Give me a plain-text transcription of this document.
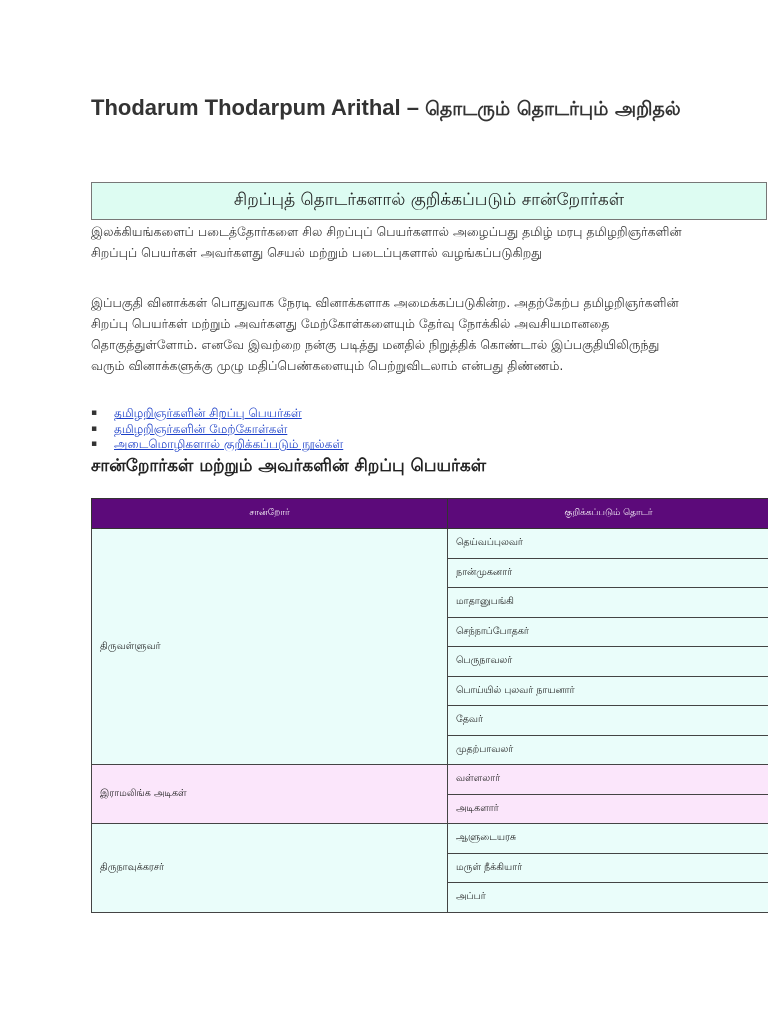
Thodarum Thodarpum Arithal – தொடரும் தொடர்பும் அறிதல்
சிறப்புத் தொடர்களால் குறிக்கப்படும் சான்றோர்கள்

இலக்கியங்களைப் படைத்தோர்களை சில சிறப்புப் பெயர்களால் அழைப்பது தமிழ் மரபு தமிழறிஞர்களின் சிறப்புப் பெயர்கள் அவர்களது செயல் மற்றும் படைப்புகளால் வழங்கப்படுகிறது

இப்பகுதி வினாக்கள் பொதுவாக நேரடி வினாக்களாக அமைக்கப்படுகின்ற. அதற்கேற்ப தமிழறிஞர்களின் சிறப்பு பெயர்கள் மற்றும் அவர்களது மேற்கோள்களையும் தேர்வு நோக்கில் அவசியமானதை தொகுத்துள்ளோம். எனவே இவற்றை நன்கு படித்து மனதில் நிறுத்திக் கொண்டால் இப்பகுதியிலிருந்து வரும் வினாக்களுக்கு முழு மதிப்பெண்களையும் பெற்றுவிடலாம் என்பது திண்ணம்.

▪ தமிழறிஞர்களின் சிறப்பு பெயர்கள்
▪ தமிழறிஞர்களின் மேற்கோள்கள்
▪ அடைமொழிகளால் குறிக்கப்படும் நூல்கள்
சான்றோர்கள் மற்றும் அவர்களின் சிறப்பு பெயர்கள்
சான்றோர்	குறிக்கப்படும் தொடர்
திருவள்ளுவர்	தெய்வப்புலவர்
	நான்முகனார்
	மாதானுபங்கி
	செந்நாப்போதகர்
	பெருநாவலர்
	பொய்யில் புலவர் நாயனார்
	தேவர்
	முதற்பாவலர்
இராமலிங்க அடிகள்	வள்ளலார்
	அடிகளார்
திருநாவுக்கரசர்	ஆளுடையரசு
	மருள் நீக்கியார்
	அப்பர்
